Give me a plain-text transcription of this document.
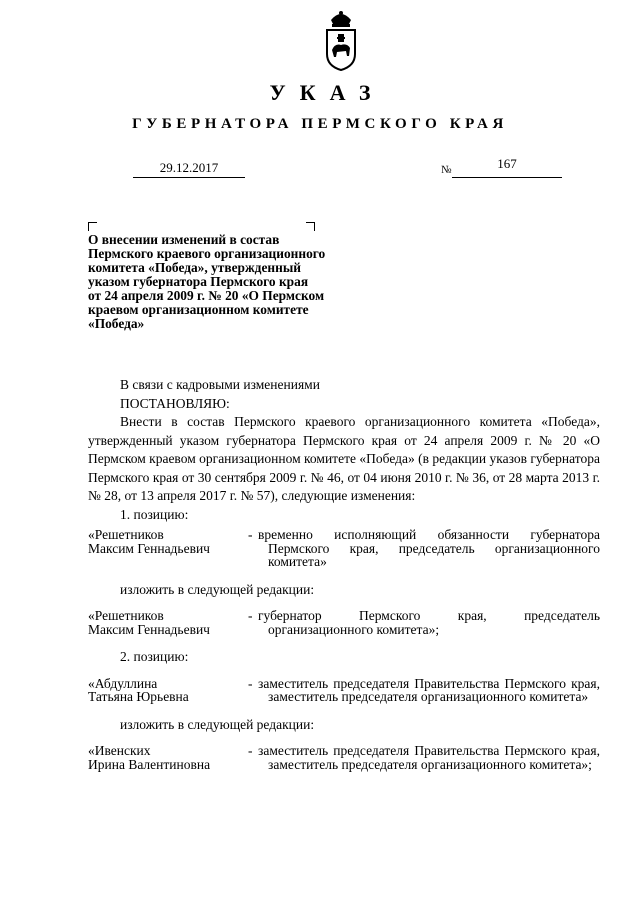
УКАЗ
ГУБЕРНАТОРА ПЕРМСКОГО КРАЯ
29.12.2017	№	167
О внесении изменений в состав
Пермского краевого организационного
комитета «Победа», утвержденный
указом губернатора Пермского края
от 24 апреля 2009 г. № 20 «О Пермском
краевом организационном комитете
«Победа»
В связи с кадровыми изменениями
ПОСТАНОВЛЯЮ:
Внести в состав Пермского краевого организационного комитета «Победа», утвержденный указом губернатора Пермского края от 24 апреля 2009 г. № 20 «О Пермском краевом организационном комитете «Победа» (в редакции указов губернатора Пермского края от 30 сентября 2009 г. № 46, от 04 июня 2010 г. № 36, от 28 марта 2013 г. № 28, от 13 апреля 2017 г. № 57), следующие изменения:
1. позицию:
«Решетников
Максим Геннадьевич
- временно исполняющий обязанности губернатора Пермского края, председатель организационного комитета»
изложить в следующей редакции:
«Решетников
Максим Геннадьевич
- губернатор Пермского края, председатель организационного комитета»;
2. позицию:
«Абдуллина
Татьяна Юрьевна
- заместитель председателя Правительства Пермского края, заместитель председателя организационного комитета»
изложить в следующей редакции:
«Ивенских
Ирина Валентиновна
- заместитель председателя Правительства Пермского края, заместитель председателя организационного комитета»;
